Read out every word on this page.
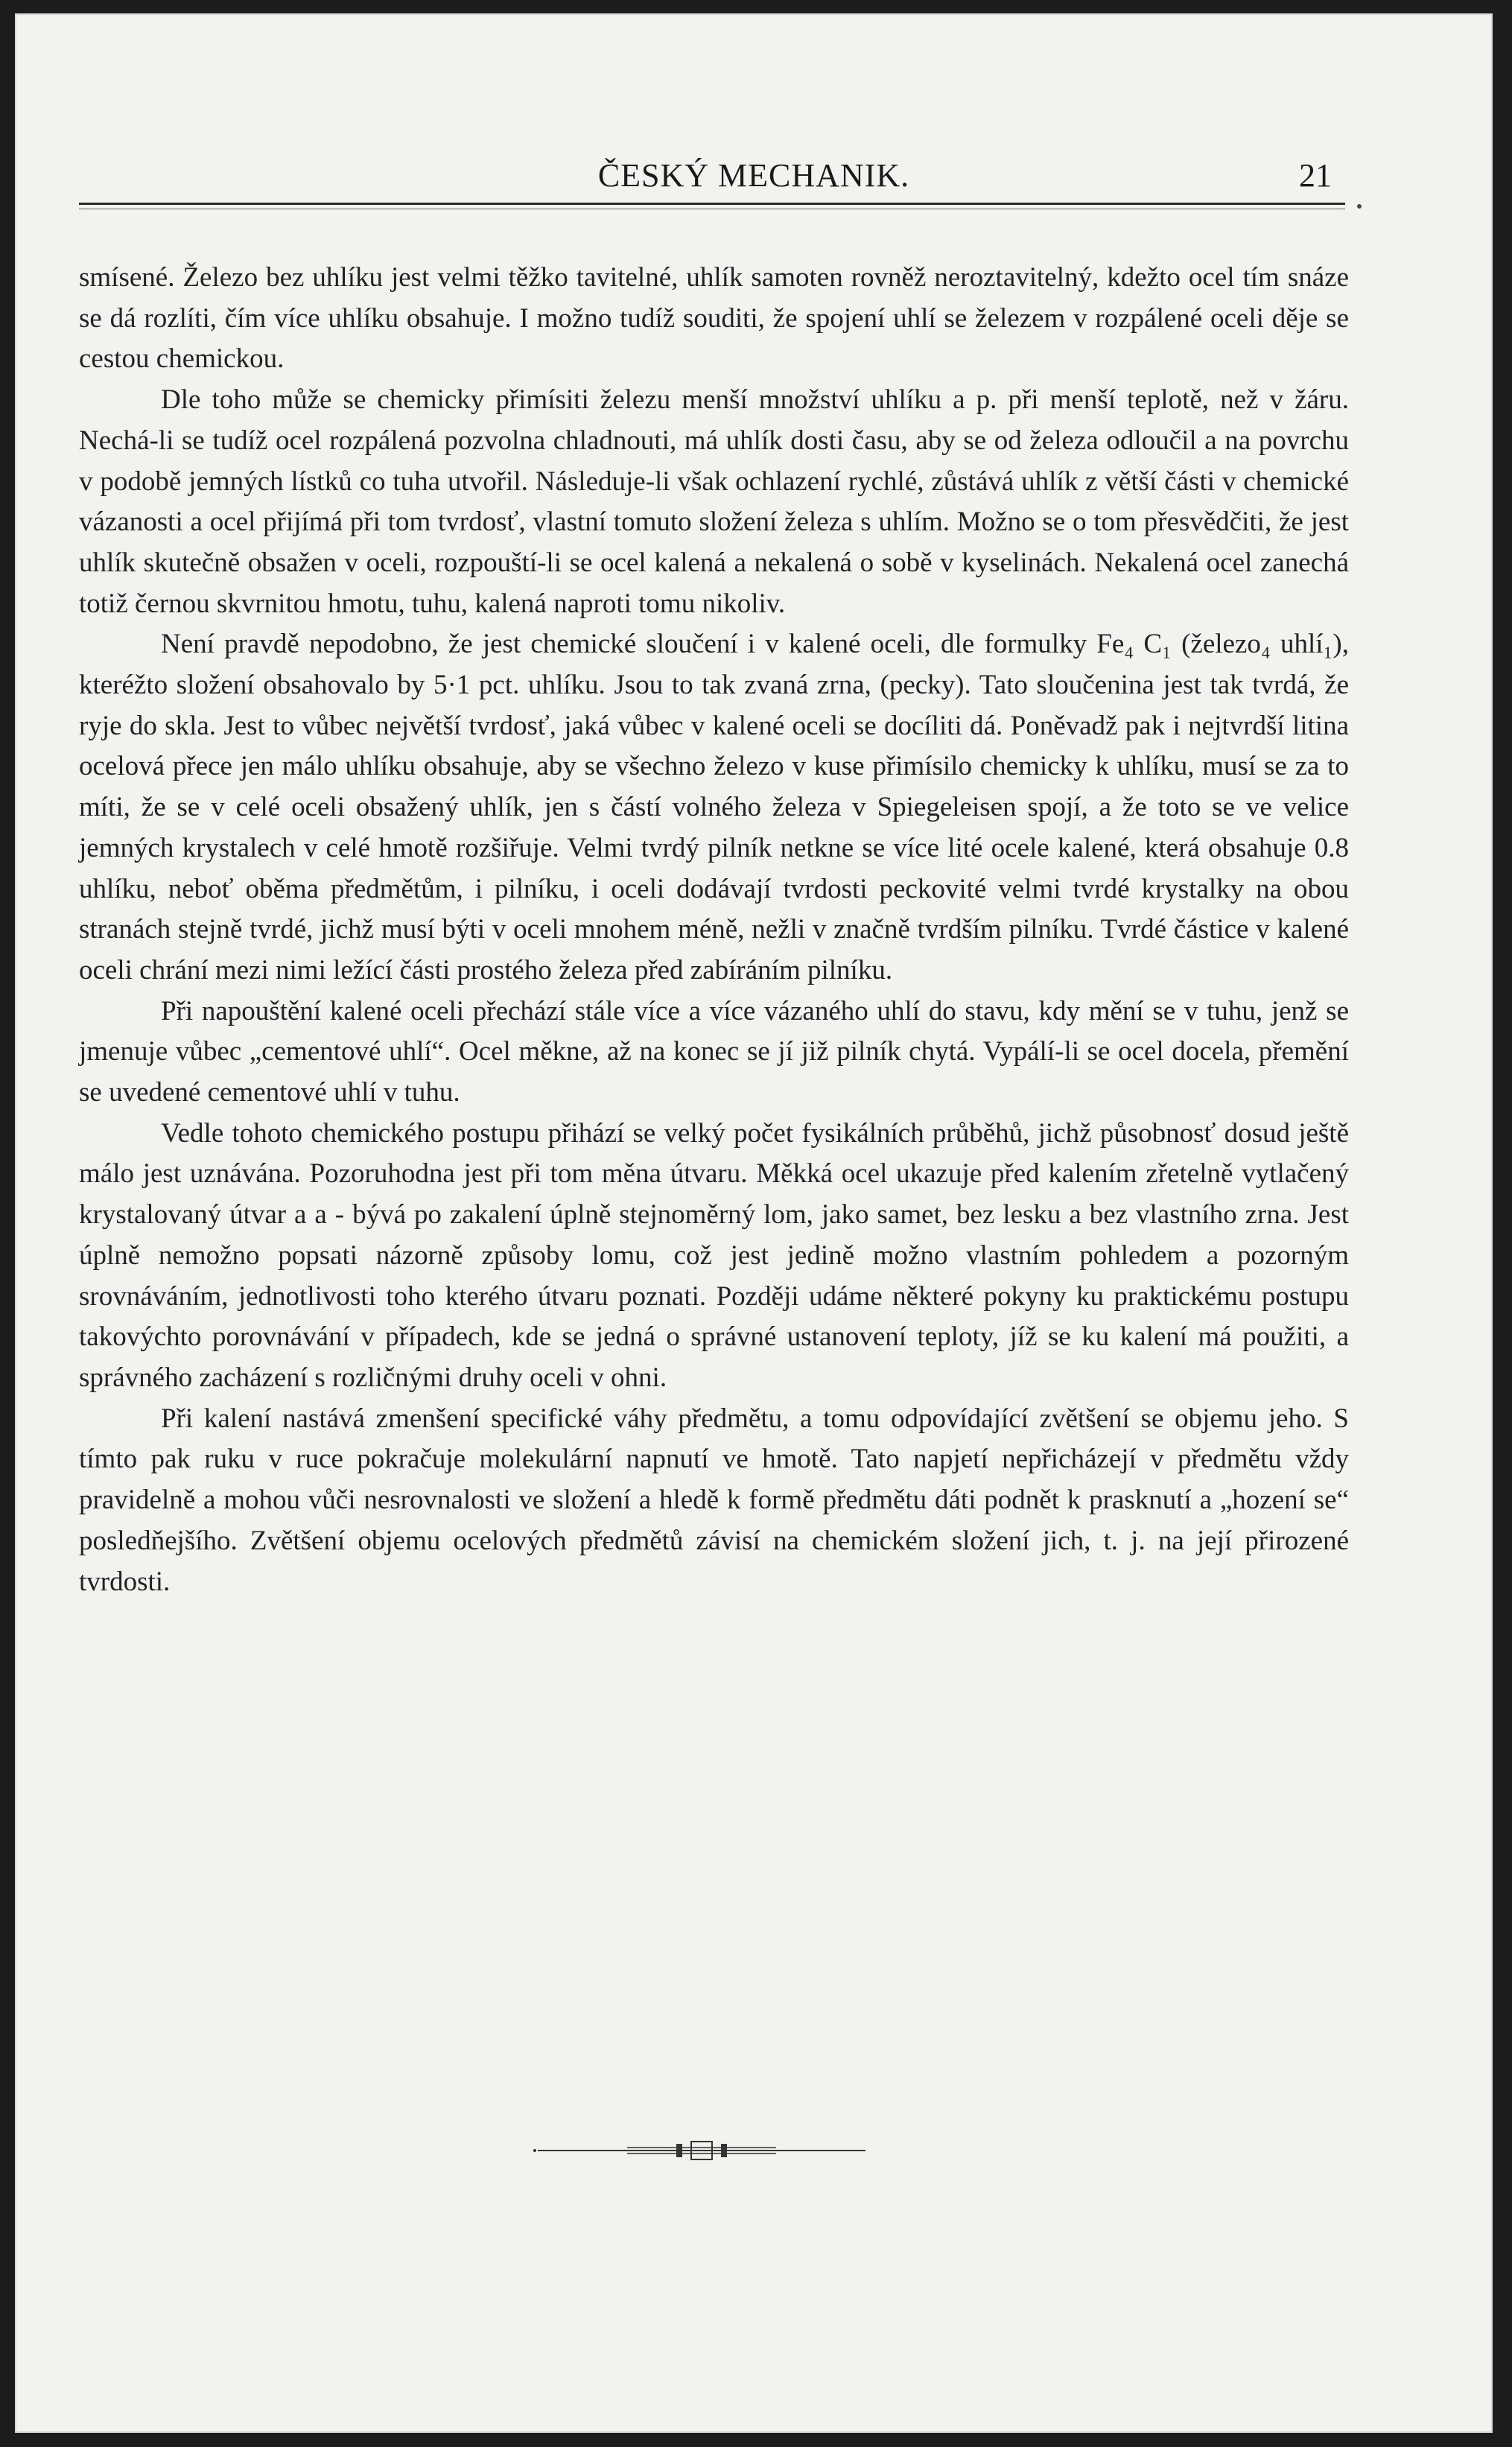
ČESKÝ MECHANIK.	21

smísené. Železo bez uhlíku jest velmi těžko tavitelné, uhlík samoten rovněž neroztavitelný, kdežto ocel tím snáze se dá rozlíti, čím více uhlíku obsahuje. I možno tudíž souditi, že spojení uhlí se železem v rozpálené oceli děje se cestou chemickou.

Dle toho může se chemicky přimísiti železu menší množství uhlíku a p. při menší teplotě, než v žáru. Nechá-li se tudíž ocel rozpálená pozvolna chladnouti, má uhlík dosti času, aby se od železa odloučil a na povrchu v podobě jemných lístků co tuha utvořil. Následuje-li však ochlazení rychlé, zůstává uhlík z větší části v chemické vázanosti a ocel přijímá při tom tvrdosť, vlastní tomuto složení železa s uhlím. Možno se o tom přesvědčiti, že jest uhlík skutečně obsažen v oceli, rozpouští-li se ocel kalená a nekalená o sobě v kyselinách. Nekalená ocel zanechá totiž černou skvrnitou hmotu, tuhu, kalená naproti tomu nikoliv.

Není pravdě nepodobno, že jest chemické sloučení i v kalené oceli, dle formulky Fe₄ C₁ (železo₄ uhlí₁), kteréžto složení obsahovalo by 5·1 pct. uhlíku. Jsou to tak zvaná zrna, (pecky). Tato sloučenina jest tak tvrdá, že ryje do skla. Jest to vůbec největší tvrdosť, jaká vůbec v kalené oceli se docíliti dá. Poněvadž pak i nejtvrdší litina ocelová přece jen málo uhlíku obsahuje, aby se všechno železo v kuse přimísilo chemicky k uhlíku, musí se za to míti, že se v celé oceli obsažený uhlík, jen s částí volného železa v Spiegeleisen spojí, a že toto se ve velice jemných krystalech v celé hmotě rozšiřuje. Velmi tvrdý pilník netkne se více lité ocele kalené, která obsahuje 0.8 uhlíku, neboť oběma předmětům, i pilníku, i oceli dodávají tvrdosti peckovité velmi tvrdé krystalky na obou stranách stejně tvrdé, jichž musí býti v oceli mnohem méně, nežli v značně tvrdším pilníku. Tvrdé částice v kalené oceli chrání mezi nimi ležící části prostého železa před zabíráním pilníku.

Při napouštění kalené oceli přechází stále více a více vázaného uhlí do stavu, kdy mění se v tuhu, jenž se jmenuje vůbec „cementové uhlí“. Ocel měkne, až na konec se jí již pilník chytá. Vypálí-li se ocel docela, přemění se uvedené cementové uhlí v tuhu.

Vedle tohoto chemického postupu přihází se velký počet fysikálních průběhů, jichž působnosť dosud ještě málo jest uznávána. Pozoruhodna jest při tom měna útvaru. Měkká ocel ukazuje před kalením zřetelně vytlačený krystalovaný útvar a a - bývá po zakalení úplně stejnoměrný lom, jako samet, bez lesku a bez vlastního zrna. Jest úplně nemožno popsati názorně způsoby lomu, což jest jedině možno vlastním pohledem a pozorným srovnáváním, jednotlivosti toho kterého útvaru poznati. Později udáme některé pokyny ku praktickému postupu takovýchto porovnávání v případech, kde se jedná o správné ustanovení teploty, jíž se ku kalení má použiti, a správného zacházení s rozličnými druhy oceli v ohni.

Při kalení nastává zmenšení specifické váhy předmětu, a tomu odpovídající zvětšení se objemu jeho. S tímto pak ruku v ruce pokračuje molekulární napnutí ve hmotě. Tato napjetí nepřicházejí v předmětu vždy pravidelně a mohou vůči nesrovnalosti ve složení a hledě k formě předmětu dáti podnět k prasknutí a „hození se“ posledňejšího. Zvětšení objemu ocelových předmětů závisí na chemickém složení jich, t. j. na její přirozené tvrdosti.
